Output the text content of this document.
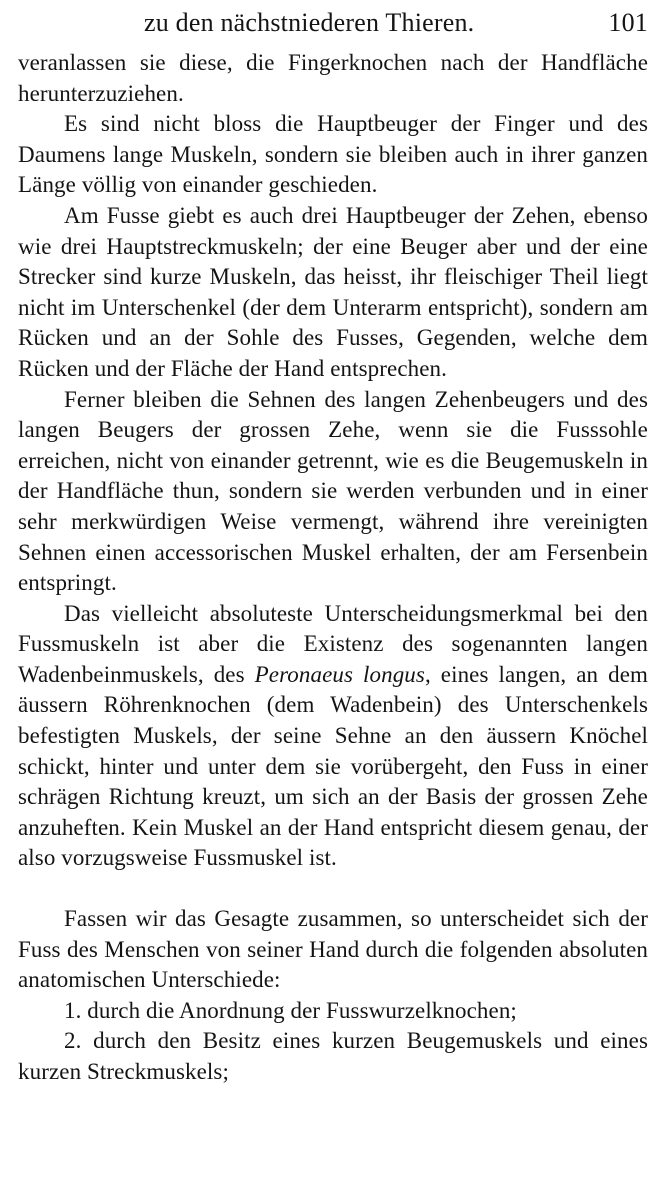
zu den nächstniederen Thieren.	101

veranlassen sie diese, die Fingerknochen nach der Handfläche herunterzuziehen.

Es sind nicht bloss die Hauptbeuger der Finger und des Daumens lange Muskeln, sondern sie bleiben auch in ihrer ganzen Länge völlig von einander geschieden.

Am Fusse giebt es auch drei Hauptbeuger der Zehen, ebenso wie drei Hauptstreckmuskeln; der eine Beuger aber und der eine Strecker sind kurze Muskeln, das heisst, ihr fleischiger Theil liegt nicht im Unterschenkel (der dem Unterarm entspricht), sondern am Rücken und an der Sohle des Fusses, Gegenden, welche dem Rücken und der Fläche der Hand entsprechen.

Ferner bleiben die Sehnen des langen Zehenbeugers und des langen Beugers der grossen Zehe, wenn sie die Fusssohle erreichen, nicht von einander getrennt, wie es die Beugemuskeln in der Handfläche thun, sondern sie werden verbunden und in einer sehr merkwürdigen Weise vermengt, während ihre vereinigten Sehnen einen accessorischen Muskel erhalten, der am Fersenbein entspringt.

Das vielleicht absoluteste Unterscheidungsmerkmal bei den Fussmuskeln ist aber die Existenz des sogenannten langen Wadenbeinmuskels, des Peronaeus longus, eines langen, an dem äussern Röhrenknochen (dem Wadenbein) des Unterschenkels befestigten Muskels, der seine Sehne an den äussern Knöchel schickt, hinter und unter dem sie vorübergeht, den Fuss in einer schrägen Richtung kreuzt, um sich an der Basis der grossen Zehe anzuheften. Kein Muskel an der Hand entspricht diesem genau, der also vorzugsweise Fussmuskel ist.

Fassen wir das Gesagte zusammen, so unterscheidet sich der Fuss des Menschen von seiner Hand durch die folgenden absoluten anatomischen Unterschiede:

1. durch die Anordnung der Fusswurzelknochen;

2. durch den Besitz eines kurzen Beugemuskels und eines kurzen Streckmuskels;
